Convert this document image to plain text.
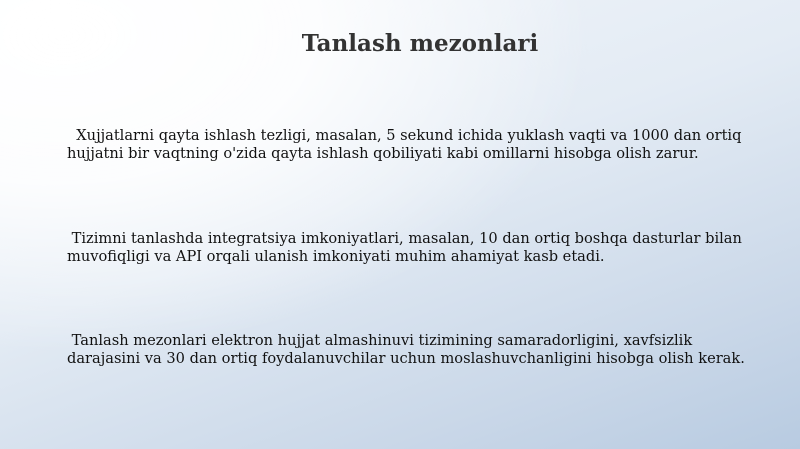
Tanlash mezonlari

Xujjatlarni qayta ishlash tezligi, masalan, 5 sekund ichida yuklash vaqti va 1000 dan ortiq hujjatni bir vaqtning o'zida qayta ishlash qobiliyati kabi omillarni hisobga olish zarur.

Tizimni tanlashda integratsiya imkoniyatlari, masalan, 10 dan ortiq boshqa dasturlar bilan muvofiqligi va API orqali ulanish imkoniyati muhim ahamiyat kasb etadi.

Tanlash mezonlari elektron hujjat almashinuvi tizimining samaradorligini, xavfsizlik darajasini va 30 dan ortiq foydalanuvchilar uchun moslashuvchanligini hisobga olish kerak.
